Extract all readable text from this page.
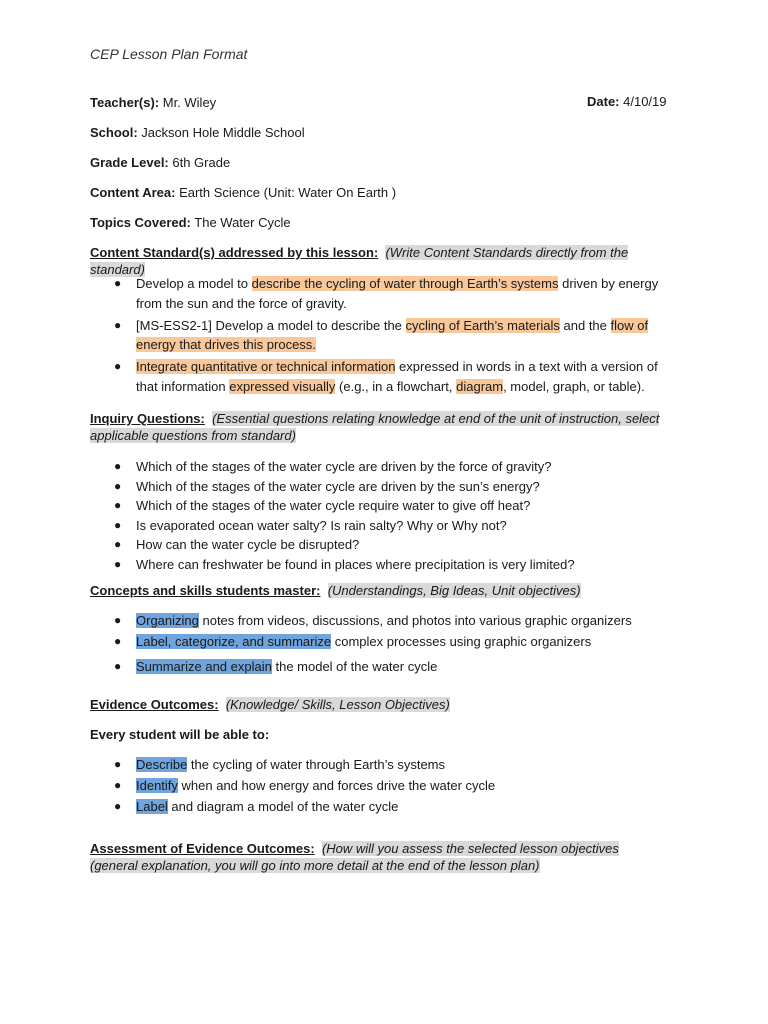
CEP Lesson Plan Format
Teacher(s): Mr. Wiley	Date: 4/10/19
School: Jackson Hole Middle School
Grade Level: 6th Grade
Content Area: Earth Science (Unit: Water On Earth )
Topics Covered: The Water Cycle
Content Standard(s) addressed by this lesson: (Write Content Standards directly from the standard)
● Develop a model to describe the cycling of water through Earth’s systems driven by energy from the sun and the force of gravity.
● [MS-ESS2-1] Develop a model to describe the cycling of Earth’s materials and the flow of energy that drives this process.
● Integrate quantitative or technical information expressed in words in a text with a version of that information expressed visually (e.g., in a flowchart, diagram, model, graph, or table).
Inquiry Questions: (Essential questions relating knowledge at end of the unit of instruction, select applicable questions from standard)
● Which of the stages of the water cycle are driven by the force of gravity?
● Which of the stages of the water cycle are driven by the sun’s energy?
● Which of the stages of the water cycle require water to give off heat?
● Is evaporated ocean water salty? Is rain salty? Why or Why not?
● How can the water cycle be disrupted?
● Where can freshwater be found in places where precipitation is very limited?
Concepts and skills students master: (Understandings, Big Ideas, Unit objectives)
● Organizing notes from videos, discussions, and photos into various graphic organizers
● Label, categorize, and summarize complex processes using graphic organizers
● Summarize and explain the model of the water cycle
Evidence Outcomes: (Knowledge/ Skills, Lesson Objectives)
Every student will be able to:
● Describe the cycling of water through Earth’s systems
● Identify when and how energy and forces drive the water cycle
● Label and diagram a model of the water cycle
Assessment of Evidence Outcomes: (How will you assess the selected lesson objectives (general explanation, you will go into more detail at the end of the lesson plan)
